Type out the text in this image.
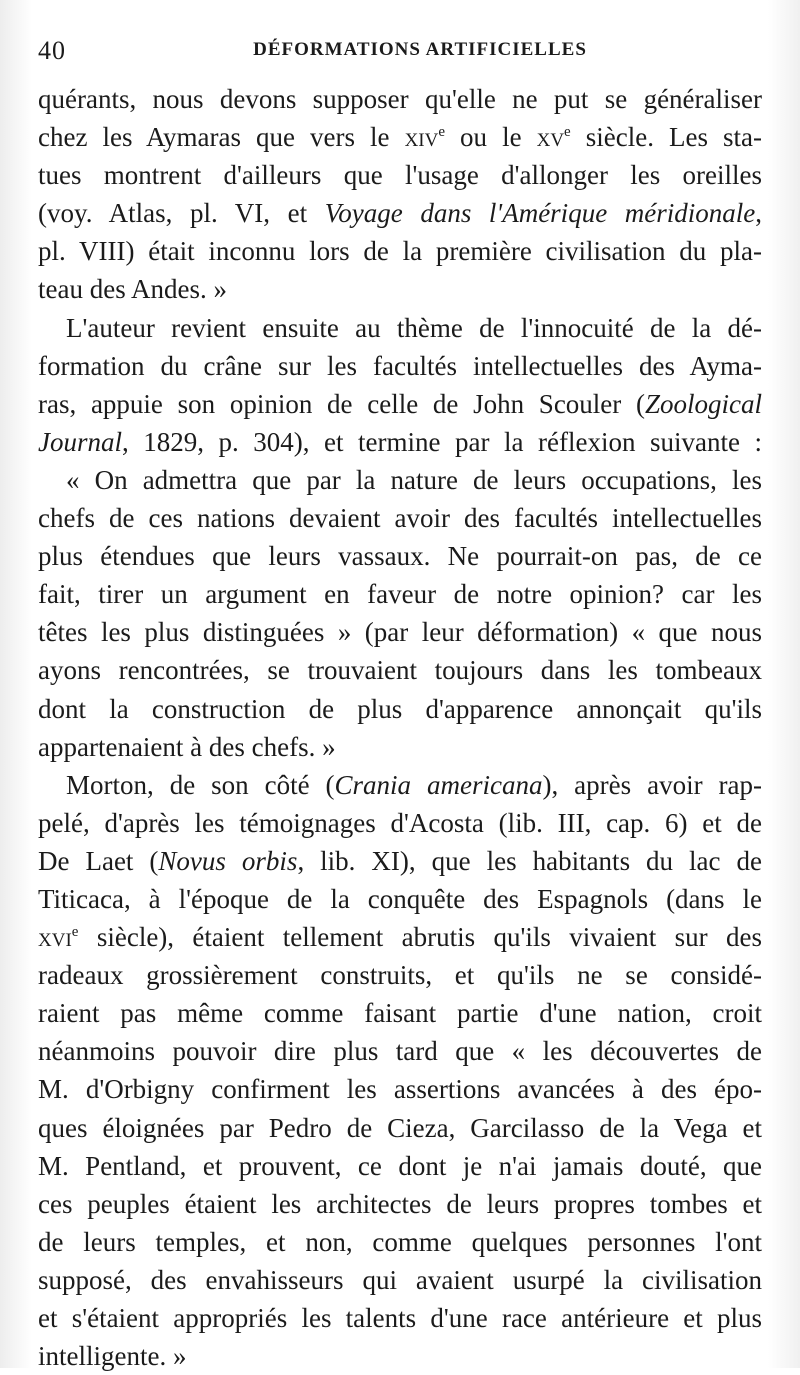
40	DÉFORMATIONS ARTIFICIELLES
quérants, nous devons supposer qu'elle ne put se généraliser
chez les Aymaras que vers le xiv$^e$ ou le $xv^e$ siècle. Les sta-
tues montrent d'ailleurs que l'usage d'allonger les oreilles
(voy. Atlas, pl. VI, et Voyage dans l'Amérique méridionale,
pl. VIII) était inconnu lors de la première civilisation du pla-
teau des Andes. »
L'auteur revient ensuite au thème de l'innocuité de la dé-
formation du crâne sur les facultés intellectuelles des Ayma-
ras, appuie son opinion de celle de John Scouler (Zoological
Journal, 1829, p. 304), et termine par la réflexion suivante :
« On admettra que par la nature de leurs occupations, les
chefs de ces nations devaient avoir des facultés intellectuelles
plus étendues que leurs vassaux. Ne pourrait-on pas, de ce
fait, tirer un argument en faveur de notre opinion? car les
têtes les plus distinguées » (par leur déformation) « que nous
ayons rencontrées, se trouvaient toujours dans les tombeaux
dont la construction de plus d'apparence annonçait qu'ils
appartenaient à des chefs. »
Morton, de son côté (Crania americana), après avoir rap-
pelé, d'après les témoignages d'Acosta (lib. III, cap. 6) et de
De Laet (Novus orbis, lib. XI), que les habitants du lac de
Titicaca, à l'époque de la conquête des Espagnols (dans le
xvi$^e$ siècle), étaient tellement abrutis qu'ils vivaient sur des
radeaux grossièrement construits, et qu'ils ne se considé-
raient pas même comme faisant partie d'une nation, croit
néanmoins pouvoir dire plus tard que « les découvertes de
M. d'Orbigny confirment les assertions avancées à des épo-
ques éloignées par Pedro de Cieza, Garcilasso de la Vega et
M. Pentland, et prouvent, ce dont je n'ai jamais douté, que
ces peuples étaient les architectes de leurs propres tombes et
de leurs temples, et non, comme quelques personnes l'ont
supposé, des envahisseurs qui avaient usurpé la civilisation
et s'étaient appropriés les talents d'une race antérieure et plus
intelligente. »
